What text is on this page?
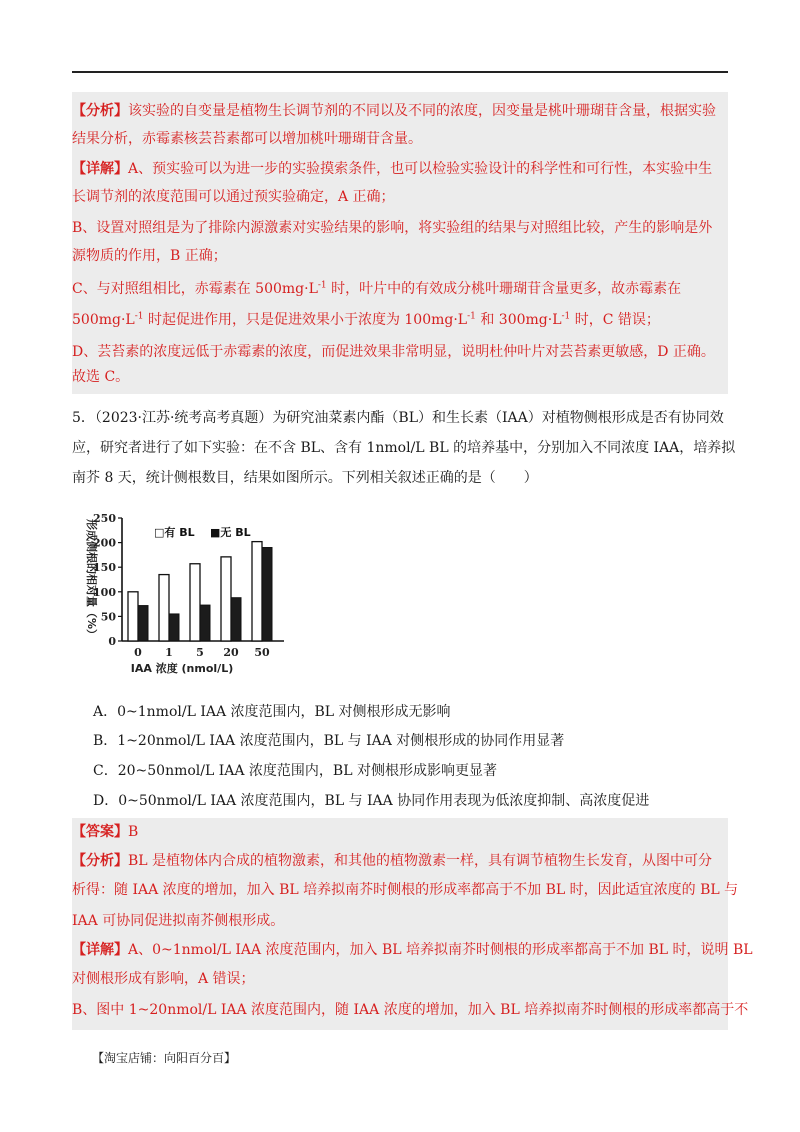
【分析】该实验的自变量是植物生长调节剂的不同以及不同的浓度，因变量是桃叶珊瑚苷含量，根据实验
结果分析，赤霉素核芸苔素都可以增加桃叶珊瑚苷含量。
【详解】A、预实验可以为进一步的实验摸索条件，也可以检验实验设计的科学性和可行性，本实验中生
长调节剂的浓度范围可以通过预实验确定，A 正确；
B、设置对照组是为了排除内源激素对实验结果的影响，将实验组的结果与对照组比较，产生的影响是外
源物质的作用，B 正确；
C、与对照组相比，赤霉素在 $500mg\cdot L^{-1}$ 时，叶片中的有效成分桃叶珊瑚苷含量更多，故赤霉素在
$500mg\cdot L^{-1}$ 时起促进作用，只是促进效果小于浓度为 $100mg\cdot L^{-1}$ 和 $300mg\cdot L^{-1}$ 时，C 错误；
D、芸苔素的浓度远低于赤霉素的浓度，而促进效果非常明显，说明杜仲叶片对芸苔素更敏感，D 正确。
故选 C。
5．（2023·江苏·统考高考真题）为研究油菜素内酯（BL）和生长素（IAA）对植物侧根形成是否有协同效
应，研究者进行了如下实验：在不含 BL、含有 1nmol/L BL 的培养基中，分别加入不同浓度 IAA，培养拟
南芥 8 天，统计侧根数目，结果如图所示。下列相关叙述正确的是（　　）
0
50
100
150
200
250
形成侧根的相对量（%）
0 1 5 20 50
IAA 浓度 (nmol/L)
□有 BL ■无 BL
A．0~1nmol/L IAA 浓度范围内，BL 对侧根形成无影响
B．1~20nmol/L IAA 浓度范围内，BL 与 IAA 对侧根形成的协同作用显著
C．20~50nmol/L IAA 浓度范围内，BL 对侧根形成影响更显著
D．0~50nmol/L IAA 浓度范围内，BL 与 IAA 协同作用表现为低浓度抑制、高浓度促进
【答案】B
【分析】BL 是植物体内合成的植物激素，和其他的植物激素一样，具有调节植物生长发育，从图中可分
析得：随 IAA 浓度的增加，加入 BL 培养拟南芥时侧根的形成率都高于不加 BL 时，因此适宜浓度的 BL 与
IAA 可协同促进拟南芥侧根形成。
【详解】A、0~1nmol/L IAA 浓度范围内，加入 BL 培养拟南芥时侧根的形成率都高于不加 BL 时，说明 BL
对侧根形成有影响，A 错误；
B、图中 1~20nmol/L IAA 浓度范围内，随 IAA 浓度的增加，加入 BL 培养拟南芥时侧根的形成率都高于不
【淘宝店铺：向阳百分百】
